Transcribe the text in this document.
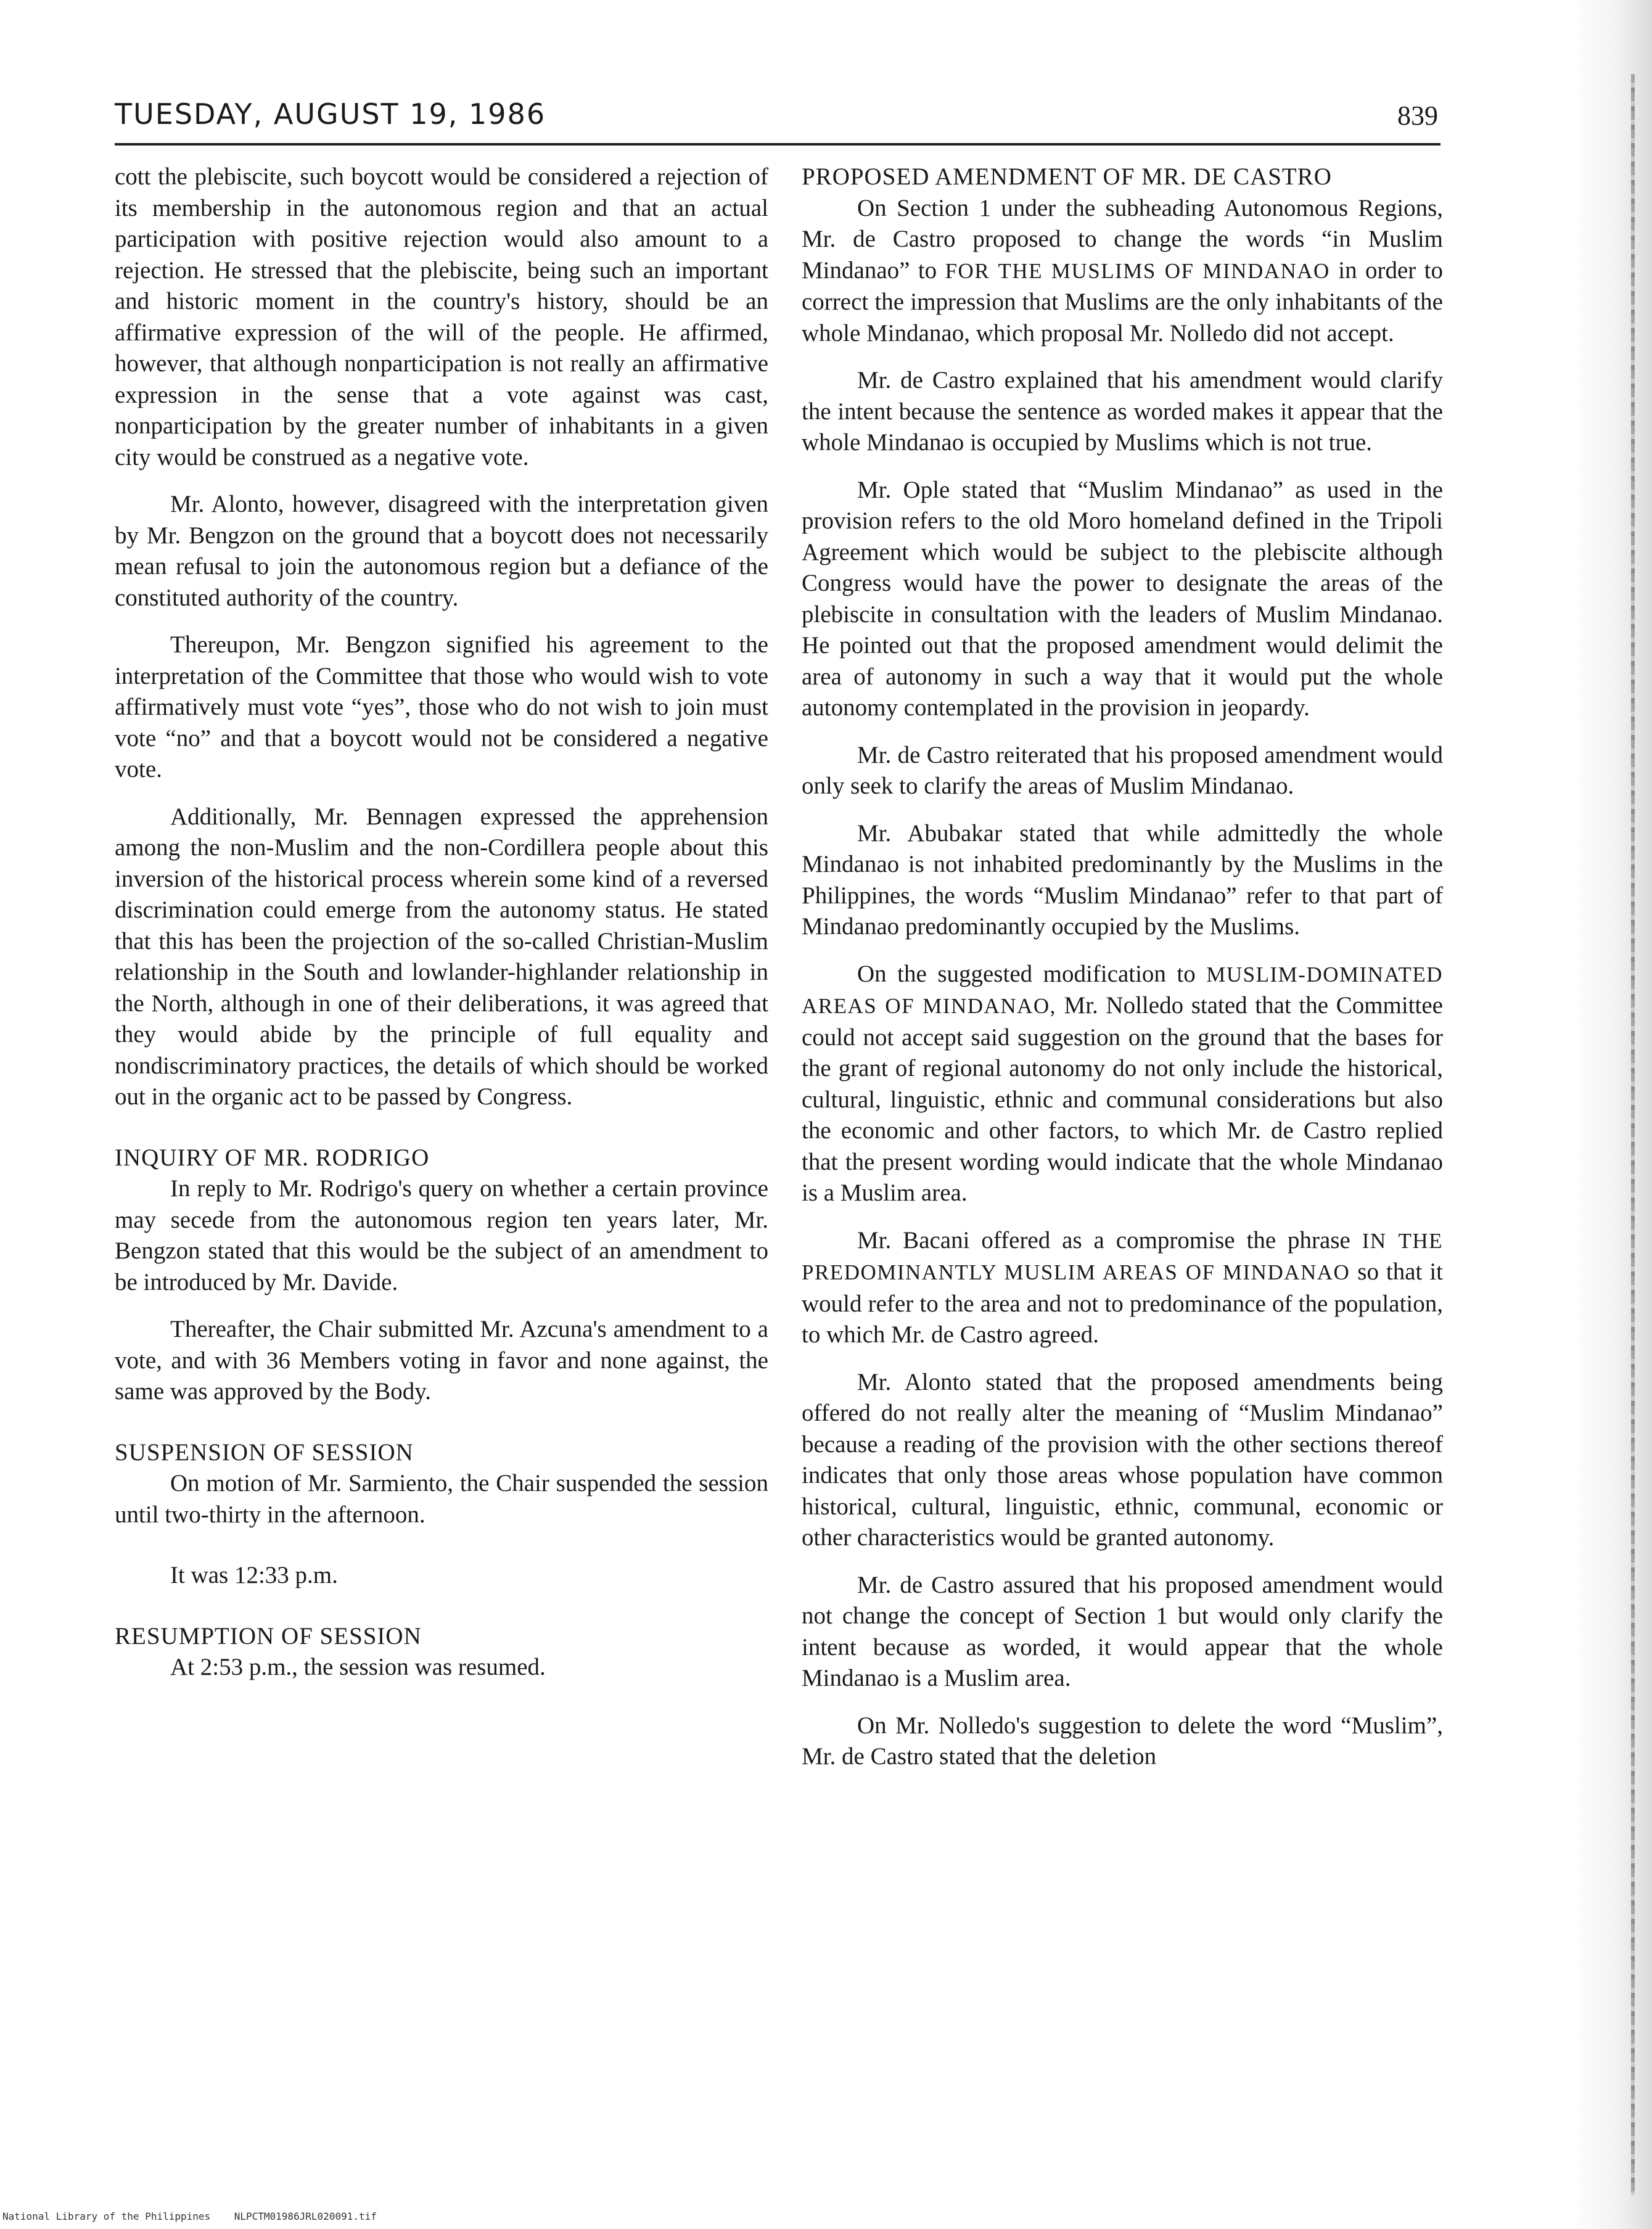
TUESDAY, AUGUST 19, 1986	839

cott the plebiscite, such boycott would be considered a rejection of its membership in the autonomous region and that an actual participation with positive rejection would also amount to a rejection. He stressed that the plebiscite, being such an important and historic moment in the country's history, should be an affirmative expression of the will of the people. He affirmed, however, that although nonparticipation is not really an affirmative expression in the sense that a vote against was cast, nonparticipation by the greater number of inhabitants in a given city would be construed as a negative vote.

Mr. Alonto, however, disagreed with the interpretation given by Mr. Bengzon on the ground that a boycott does not necessarily mean refusal to join the autonomous region but a defiance of the constituted authority of the country.

Thereupon, Mr. Bengzon signified his agreement to the interpretation of the Committee that those who would wish to vote affirmatively must vote “yes”, those who do not wish to join must vote “no” and that a boycott would not be considered a negative vote.

Additionally, Mr. Bennagen expressed the apprehension among the non-Muslim and the non-Cordillera people about this inversion of the historical process wherein some kind of a reversed discrimination could emerge from the autonomy status. He stated that this has been the projection of the so-called Christian-Muslim relationship in the South and lowlander-highlander relationship in the North, although in one of their deliberations, it was agreed that they would abide by the principle of full equality and nondiscriminatory practices, the details of which should be worked out in the organic act to be passed by Congress.

INQUIRY OF MR. RODRIGO

In reply to Mr. Rodrigo's query on whether a certain province may secede from the autonomous region ten years later, Mr. Bengzon stated that this would be the subject of an amendment to be introduced by Mr. Davide.

Thereafter, the Chair submitted Mr. Azcuna's amendment to a vote, and with 36 Members voting in favor and none against, the same was approved by the Body.

SUSPENSION OF SESSION

On motion of Mr. Sarmiento, the Chair suspended the session until two-thirty in the afternoon.

It was 12:33 p.m.

RESUMPTION OF SESSION

At 2:53 p.m., the session was resumed.

PROPOSED AMENDMENT OF MR. DE CASTRO

On Section 1 under the subheading Autonomous Regions, Mr. de Castro proposed to change the words “in Muslim Mindanao” to FOR THE MUSLIMS OF MINDANAO in order to correct the impression that Muslims are the only inhabitants of the whole Mindanao, which proposal Mr. Nolledo did not accept.

Mr. de Castro explained that his amendment would clarify the intent because the sentence as worded makes it appear that the whole Mindanao is occupied by Muslims which is not true.

Mr. Ople stated that “Muslim Mindanao” as used in the provision refers to the old Moro homeland defined in the Tripoli Agreement which would be subject to the plebiscite although Congress would have the power to designate the areas of the plebiscite in consultation with the leaders of Muslim Mindanao. He pointed out that the proposed amendment would delimit the area of autonomy in such a way that it would put the whole autonomy contemplated in the provision in jeopardy.

Mr. de Castro reiterated that his proposed amendment would only seek to clarify the areas of Muslim Mindanao.

Mr. Abubakar stated that while admittedly the whole Mindanao is not inhabited predominantly by the Muslims in the Philippines, the words “Muslim Mindanao” refer to that part of Mindanao predominantly occupied by the Muslims.

On the suggested modification to MUSLIM-DOMINATED AREAS OF MINDANAO, Mr. Nolledo stated that the Committee could not accept said suggestion on the ground that the bases for the grant of regional autonomy do not only include the historical, cultural, linguistic, ethnic and communal considerations but also the economic and other factors, to which Mr. de Castro replied that the present wording would indicate that the whole Mindanao is a Muslim area.

Mr. Bacani offered as a compromise the phrase IN THE PREDOMINANTLY MUSLIM AREAS OF MINDANAO so that it would refer to the area and not to predominance of the population, to which Mr. de Castro agreed.

Mr. Alonto stated that the proposed amendments being offered do not really alter the meaning of “Muslim Mindanao” because a reading of the provision with the other sections thereof indicates that only those areas whose population have common historical, cultural, linguistic, ethnic, communal, economic or other characteristics would be granted autonomy.

Mr. de Castro assured that his proposed amendment would not change the concept of Section 1 but would only clarify the intent because as worded, it would appear that the whole Mindanao is a Muslim area.

On Mr. Nolledo's suggestion to delete the word “Muslim”, Mr. de Castro stated that the deletion

National Library of the Philippines NLPCTM01986JRL020091.tif
